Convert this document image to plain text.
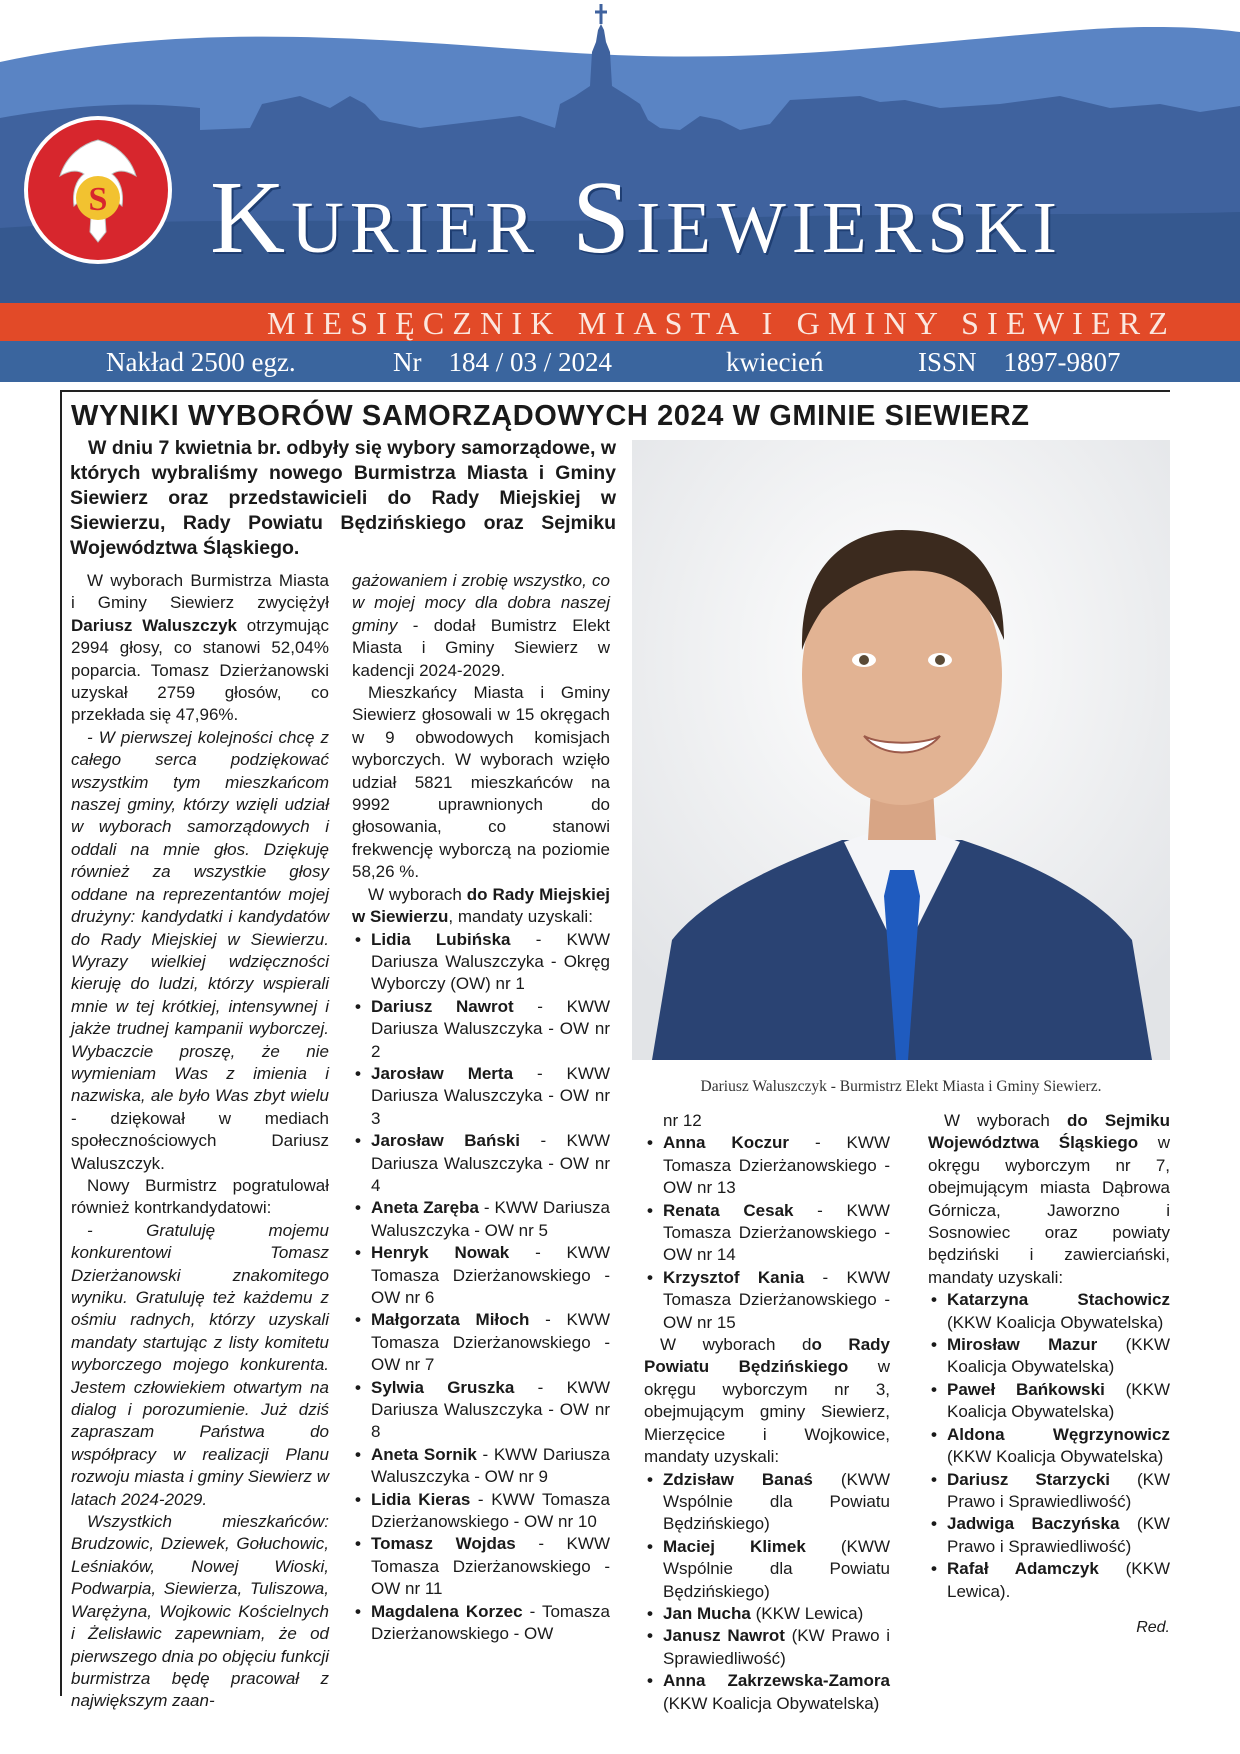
S Kurier Siewierski
MIESIĘCZNIK MIASTA I GMINY SIEWIERZ
Nakład 2500 egz.	Nr    184 / 03 / 2024	kwiecień	ISSN    1897-9807
WYNIKI WYBORÓW SAMORZĄDOWYCH 2024 W GMINIE SIEWIERZ

W dniu 7 kwietnia br. odbyły się wybory samorządowe, w których wybraliśmy nowego Burmistrza Miasta i Gminy Siewierz oraz przedstawicieli do Rady Miejskiej w Siewierzu, Rady Powiatu Będzińskiego oraz Sejmiku Województwa Śląskiego.

W wyborach Burmistrza Miasta i Gminy Siewierz zwyciężył Dariusz Waluszczyk otrzymując 2994 głosy, co stanowi 52,04% poparcia. Tomasz Dzierżanowski uzyskał 2759 głosów, co przekłada się 47,96%.

- W pierwszej kolejności chcę z całego serca podziękować wszystkim tym mieszkańcom naszej gminy, którzy wzięli udział w wyborach samorządowych i oddali na mnie głos. Dziękuję również za wszystkie głosy oddane na reprezentantów mojej drużyny: kandydatki i kandydatów do Rady Miejskiej w Siewierzu. Wyrazy wielkiej wdzięczności kieruję do ludzi, którzy wspierali mnie w tej krótkiej, intensywnej i jakże trudnej kampanii wyborczej. Wybaczcie proszę, że nie wymieniam Was z imienia i nazwiska, ale było Was zbyt wielu - dziękował w mediach społecznościowych Dariusz Waluszczyk.

Nowy Burmistrz pogratulował również kontrkandydatowi:

- Gratuluję mojemu konkurentowi Tomasz Dzierżanowski znakomitego wyniku. Gratuluję też każdemu z ośmiu radnych, którzy uzyskali mandaty startując z listy komitetu wyborczego mojego konkurenta. Jestem człowiekiem otwartym na dialog i porozumienie. Już dziś zapraszam Państwa do współpracy w realizacji Planu rozwoju miasta i gminy Siewierz w latach 2024-2029.

Wszystkich mieszkańców: Brudzowic, Dziewek, Gołuchowic, Leśniaków, Nowej Wioski, Podwarpia, Siewierza, Tuliszowa, Warężyna, Wojkowic Kościelnych i Żelisławic zapewniam, że od pierwszego dnia po objęciu funkcji burmistrza będę pracował z największym zaan-

gażowaniem i zrobię wszystko, co w mojej mocy dla dobra naszej gminy - dodał Bumistrz Elekt Miasta i Gminy Siewierz w kadencji 2024-2029.

Mieszkańcy Miasta i Gminy Siewierz głosowali w 15 okręgach w 9 obwodowych komisjach wyborczych. W wyborach wzięło udział 5821 mieszkańców na 9992 uprawnionych do głosowania, co stanowi frekwencję wyborczą na poziomie 58,26 %.

W wyborach do Rady Miejskiej w Siewierzu, mandaty uzyskali:

• Lidia Lubińska - KWW Dariusza Waluszczyka - Okręg Wyborczy (OW) nr 1
• Dariusz Nawrot - KWW Dariusza Waluszczyka - OW nr 2
• Jarosław Merta - KWW Dariusza Waluszczyka - OW nr 3
• Jarosław Bański - KWW Dariusza Waluszczyka - OW nr 4
• Aneta Zaręba - KWW Dariusza Waluszczyka - OW nr 5
• Henryk Nowak - KWW Tomasza Dzierżanowskiego - OW nr 6
• Małgorzata Miłoch - KWW Tomasza Dzierżanowskiego - OW nr 7
• Sylwia Gruszka - KWW Dariusza Waluszczyka - OW nr 8
• Aneta Sornik - KWW Dariusza Waluszczyka - OW nr 9
• Lidia Kieras - KWW Tomasza Dzierżanowskiego - OW nr 10
• Tomasz Wojdas - KWW Tomasza Dzierżanowskiego - OW nr 11
• Magdalena Korzec - Tomasza Dzierżanowskiego - OW
Dariusz Waluszczyk - Burmistrz Elekt Miasta i Gminy Siewierz.

nr 12

• Anna Koczur - KWW Tomasza Dzierżanowskiego - OW nr 13
• Renata Cesak - KWW Tomasza Dzierżanowskiego - OW nr 14
• Krzysztof Kania - KWW Tomasza Dzierżanowskiego - OW nr 15

W wyborach do Rady Powiatu Będzińskiego w okręgu wyborczym nr 3, obejmującym gminy Siewierz, Mierzęcice i Wojkowice, mandaty uzyskali:

• Zdzisław Banaś (KWW Wspólnie dla Powiatu Będzińskiego)
• Maciej Klimek (KWW Wspólnie dla Powiatu Będzińskiego)
• Jan Mucha (KKW Lewica)
• Janusz Nawrot (KW Prawo i Sprawiedliwość)
• Anna Zakrzewska-Zamora (KKW Koalicja Obywatelska)

W wyborach do Sejmiku Województwa Śląskiego w okręgu wyborczym nr 7, obejmującym miasta Dąbrowa Górnicza, Jaworzno i Sosnowiec oraz powiaty będziński i zawierciański, mandaty uzyskali:

• Katarzyna Stachowicz (KKW Koalicja Obywatelska)
• Mirosław Mazur (KKW Koalicja Obywatelska)
• Paweł Bańkowski (KKW Koalicja Obywatelska)
• Aldona Węgrzynowicz (KKW Koalicja Obywatelska)
• Dariusz Starzycki (KW Prawo i Sprawiedliwość)
• Jadwiga Baczyńska (KW Prawo i Sprawiedliwość)
• Rafał Adamczyk (KKW Lewica).

Red.
